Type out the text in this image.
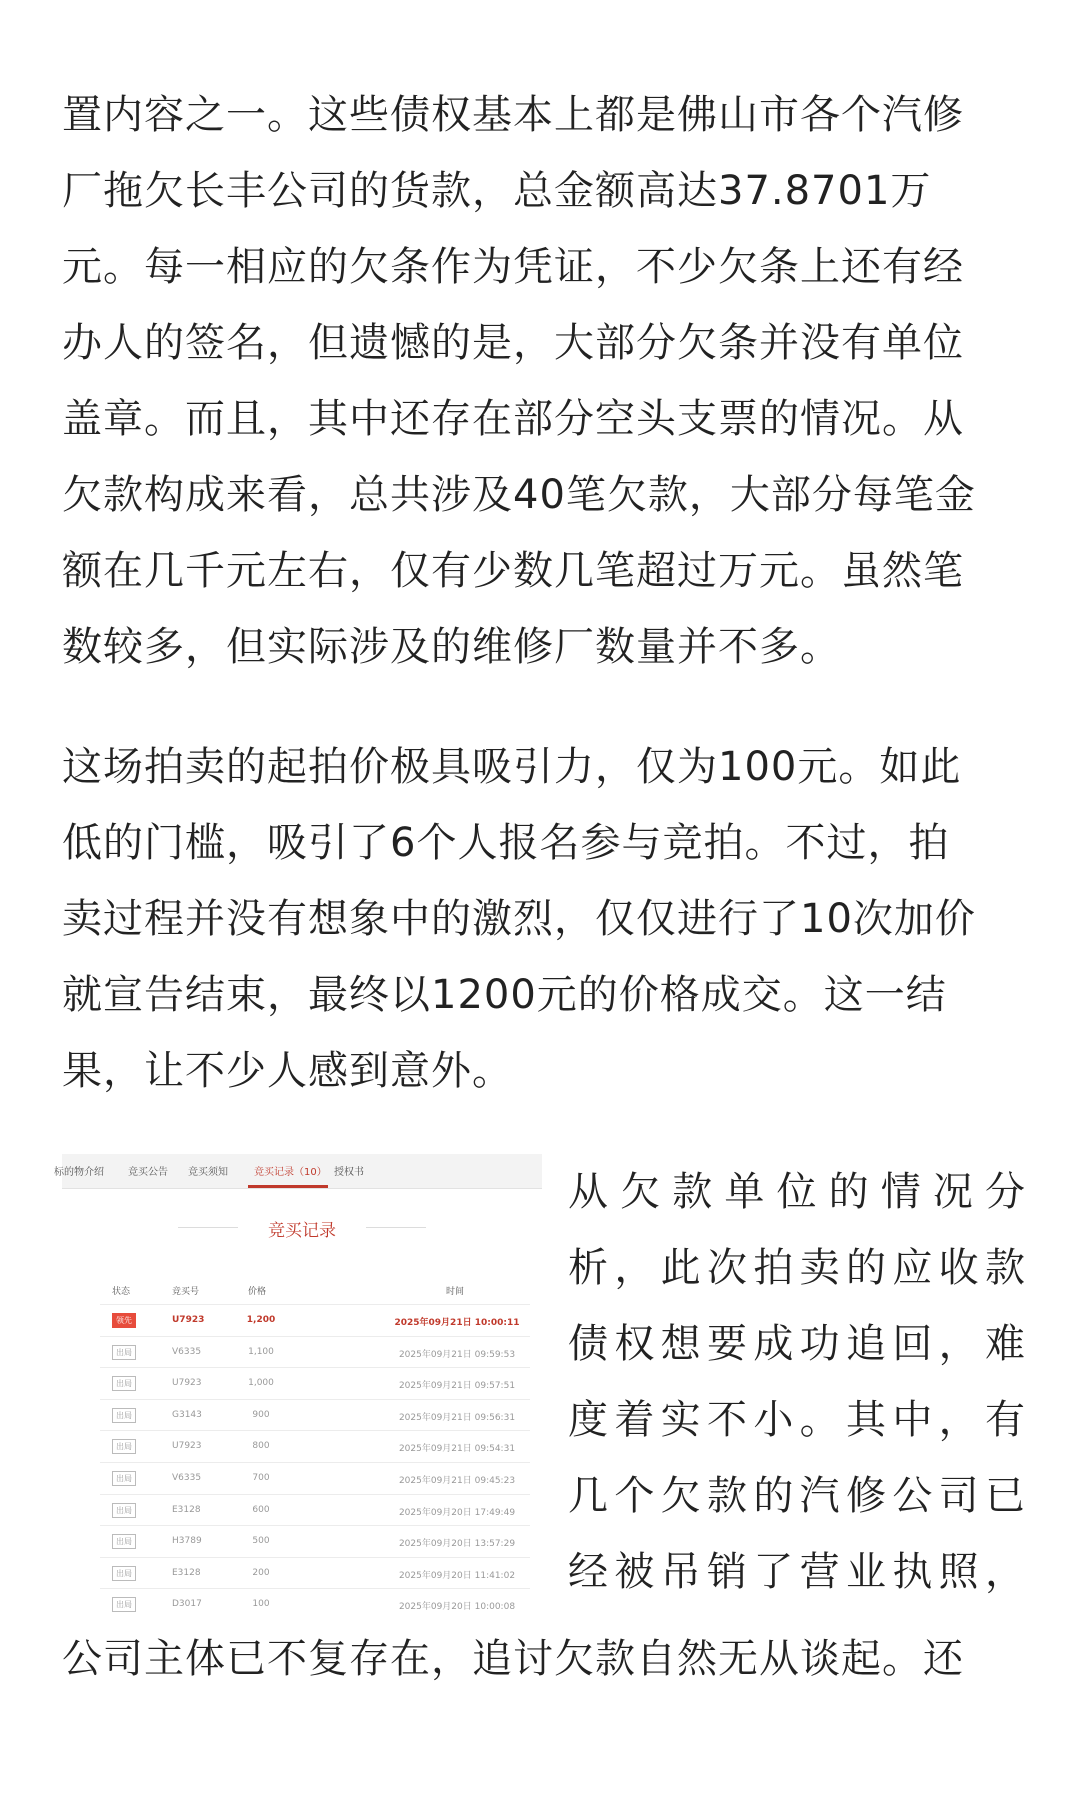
置内容之一。这些债权基本上都是佛山市各个汽修
厂拖欠长丰公司的货款，总金额高达37.8701万
元。每一相应的欠条作为凭证，不少欠条上还有经
办人的签名，但遗憾的是，大部分欠条并没有单位
盖章。而且，其中还存在部分空头支票的情况。从
欠款构成来看，总共涉及40笔欠款，大部分每笔金
额在几千元左右，仅有少数几笔超过万元。虽然笔
数较多，但实际涉及的维修厂数量并不多。
这场拍卖的起拍价极具吸引力，仅为100元。如此
低的门槛，吸引了6个人报名参与竞拍。不过，拍
卖过程并没有想象中的激烈，仅仅进行了10次加价
就宣告结束，最终以1200元的价格成交。这一结
果，让不少人感到意外。
标的物介绍 竞买公告 竞买须知	竞买记录（10） 授权书
竞买记录
状态	竞买号	价格	时间
领先	U7923	1,200	2025年09月21日 10:00:11
出局	V6335	1,100	2025年09月21日 09:59:53
出局	U7923	1,000	2025年09月21日 09:57:51
出局	G3143	900	2025年09月21日 09:56:31
出局	U7923	800	2025年09月21日 09:54:31
出局	V6335	700	2025年09月21日 09:45:23
出局	E3128	600	2025年09月20日 17:49:49
出局	H3789	500	2025年09月20日 13:57:29
出局	E3128	200	2025年09月20日 11:41:02
出局	D3017	100	2025年09月20日 10:00:08
从欠款单位的情况分
析，此次拍卖的应收款
债权想要成功追回，难
度着实不小。其中，有
几个欠款的汽修公司已
经被吊销了营业执照，
公司主体已不复存在，追讨欠款自然无从谈起。还
